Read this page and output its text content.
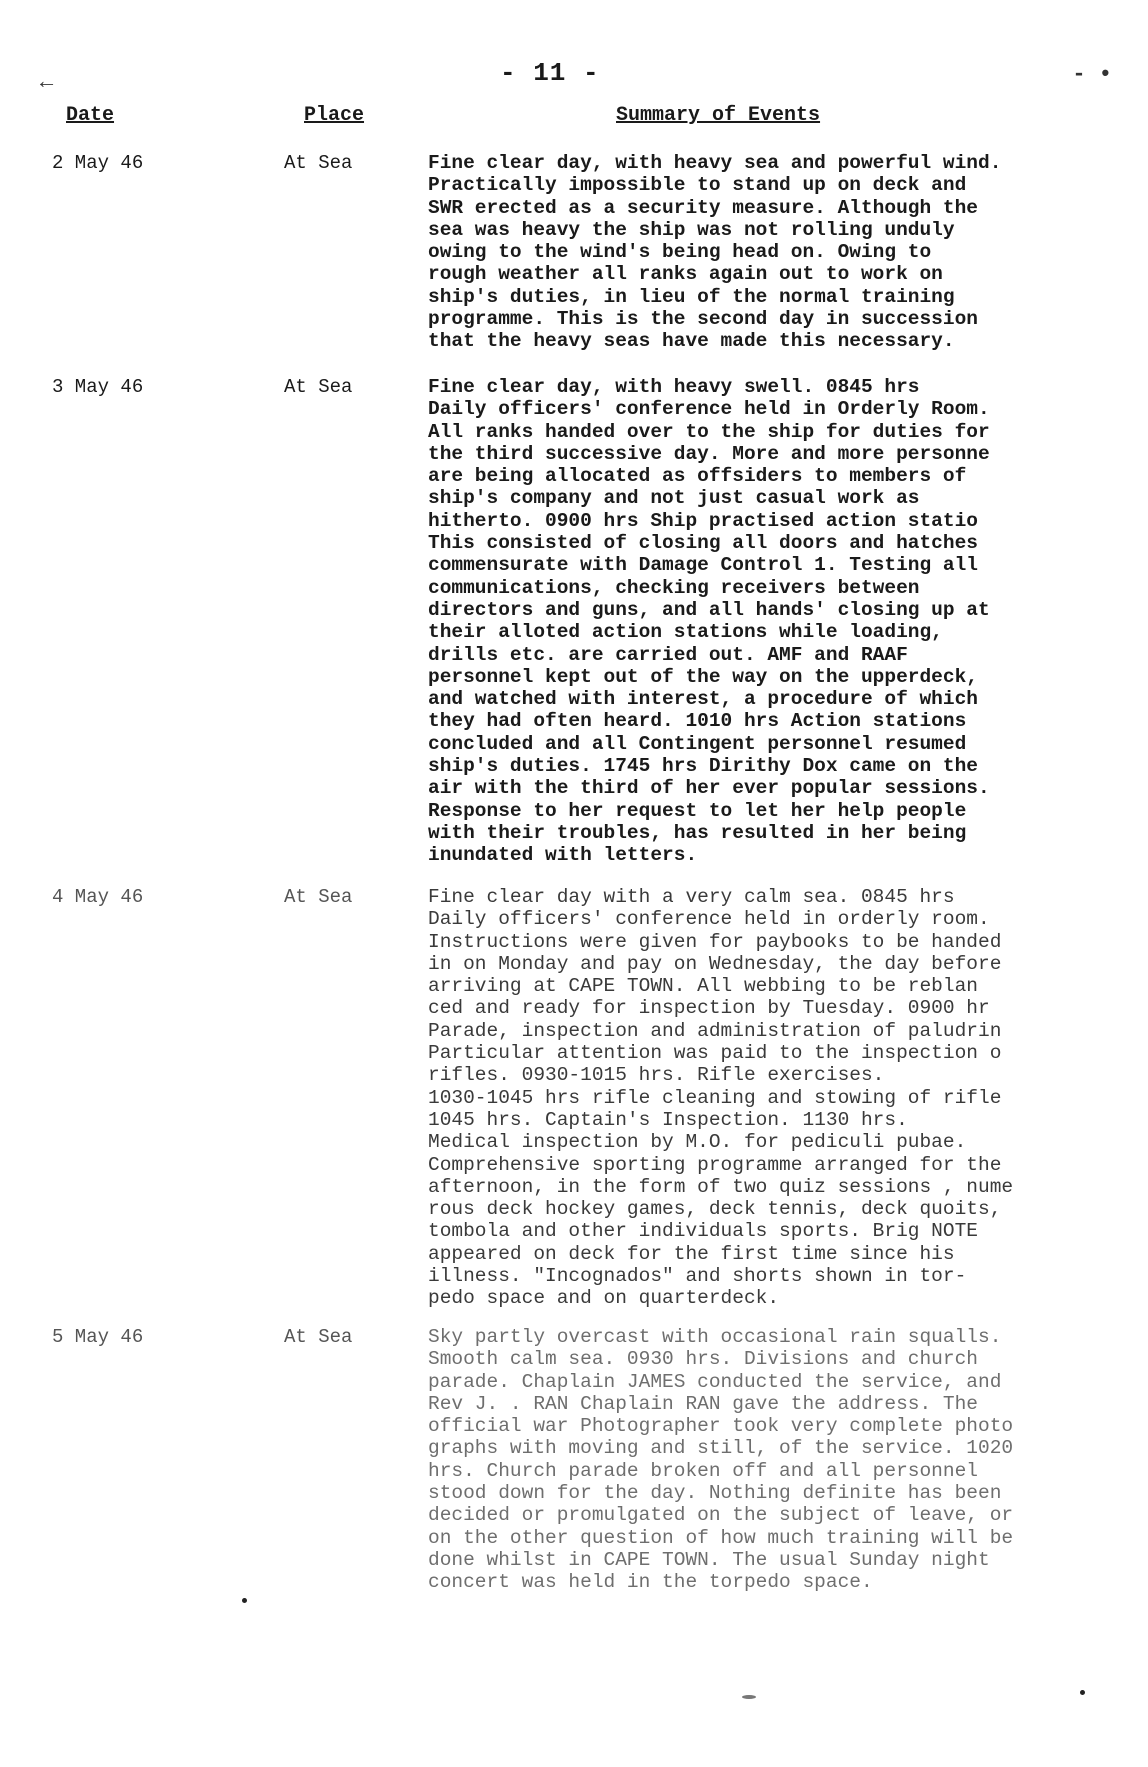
←	- 11 -	- •
Date	Place	Summary of Events
2 May 46	At Sea	Fine clear day, with heavy sea and powerful wind.
Practically impossible to stand up on deck and
SWR erected as a security measure. Although the
sea was heavy the ship was not rolling unduly
owing to the wind's being head on. Owing to
rough weather all ranks again out to work on
ship's duties, in lieu of the normal training
programme. This is the second day in succession
that the heavy seas have made this necessary.
3 May 46	At Sea	Fine clear day, with heavy swell. 0845 hrs
Daily officers' conference held in Orderly Room.
All ranks handed over to the ship for duties for
the third successive day. More and more personne
are being allocated as offsiders to members of
ship's company and not just casual work as
hitherto. 0900 hrs Ship practised action statio
This consisted of closing all doors and hatches
commensurate with Damage Control 1. Testing all
communications, checking receivers between
directors and guns, and all hands' closing up at
their alloted action stations while loading,
drills etc. are carried out. AMF and RAAF
personnel kept out of the way on the upperdeck,
and watched with interest, a procedure of which
they had often heard. 1010 hrs Action stations
concluded and all Contingent personnel resumed
ship's duties. 1745 hrs Dirithy Dox came on the
air with the third of her ever popular sessions.
Response to her request to let her help people
with their troubles, has resulted in her being
inundated with letters.
4 May 46	At Sea	Fine clear day with a very calm sea. 0845 hrs
Daily officers' conference held in orderly room.
Instructions were given for paybooks to be handed
in on Monday and pay on Wednesday, the day before
arriving at CAPE TOWN. All webbing to be reblan
ced and ready for inspection by Tuesday. 0900 hr
Parade, inspection and administration of paludrin
Particular attention was paid to the inspection o
rifles. 0930-1015 hrs. Rifle exercises.
1030-1045 hrs rifle cleaning and stowing of rifle
1045 hrs. Captain's Inspection. 1130 hrs.
Medical inspection by M.O. for pediculi pubae.
Comprehensive sporting programme arranged for the
afternoon, in the form of two quiz sessions , nume
rous deck hockey games, deck tennis, deck quoits,
tombola and other individuals sports. Brig NOTE
appeared on deck for the first time since his
illness. "Incognados" and shorts shown in tor-
pedo space and on quarterdeck.
5 May 46	At Sea	Sky partly overcast with occasional rain squalls.
Smooth calm sea. 0930 hrs. Divisions and church
parade. Chaplain JAMES conducted the service, and
Rev J. . RAN Chaplain RAN gave the address. The
official war Photographer took very complete photo
graphs with moving and still, of the service. 1020
hrs. Church parade broken off and all personnel
stood down for the day. Nothing definite has been
decided or promulgated on the subject of leave, or
on the other question of how much training will be
done whilst in CAPE TOWN. The usual Sunday night
concert was held in the torpedo space.
